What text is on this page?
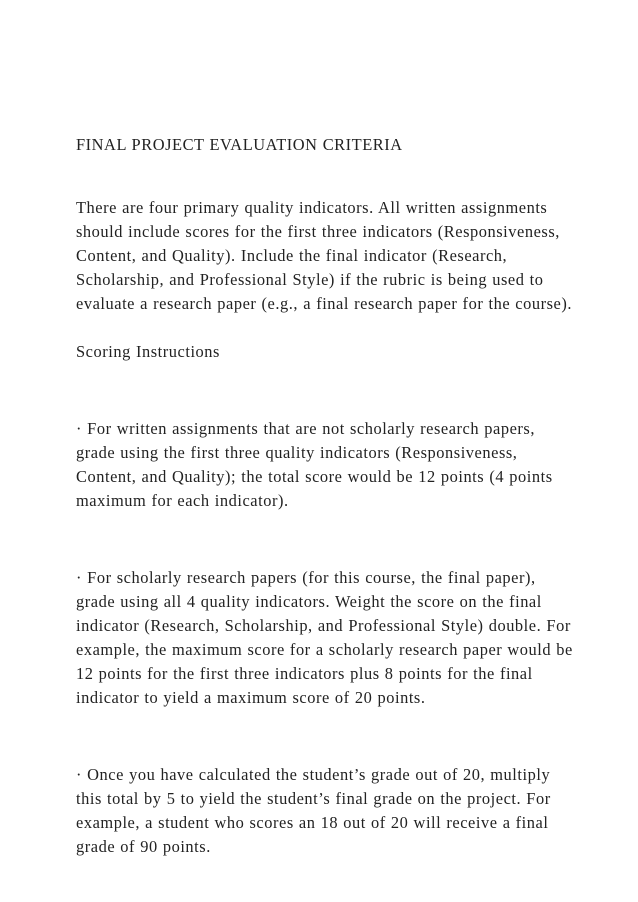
FINAL PROJECT EVALUATION CRITERIA

There are four primary quality indicators. All written assignments should include scores for the first three indicators (Responsiveness, Content, and Quality). Include the final indicator (Research, Scholarship, and Professional Style) if the rubric is being used to evaluate a research paper (e.g., a final research paper for the course).

Scoring Instructions

· For written assignments that are not scholarly research papers, grade using the first three quality indicators (Responsiveness, Content, and Quality); the total score would be 12 points (4 points maximum for each indicator).

· For scholarly research papers (for this course, the final paper), grade using all 4 quality indicators. Weight the score on the final indicator (Research, Scholarship, and Professional Style) double. For example, the maximum score for a scholarly research paper would be 12 points for the first three indicators plus 8 points for the final indicator to yield a maximum score of 20 points.

· Once you have calculated the student’s grade out of 20, multiply this total by 5 to yield the student’s final grade on the project. For example, a student who scores an 18 out of 20 will receive a final grade of 90 points.
